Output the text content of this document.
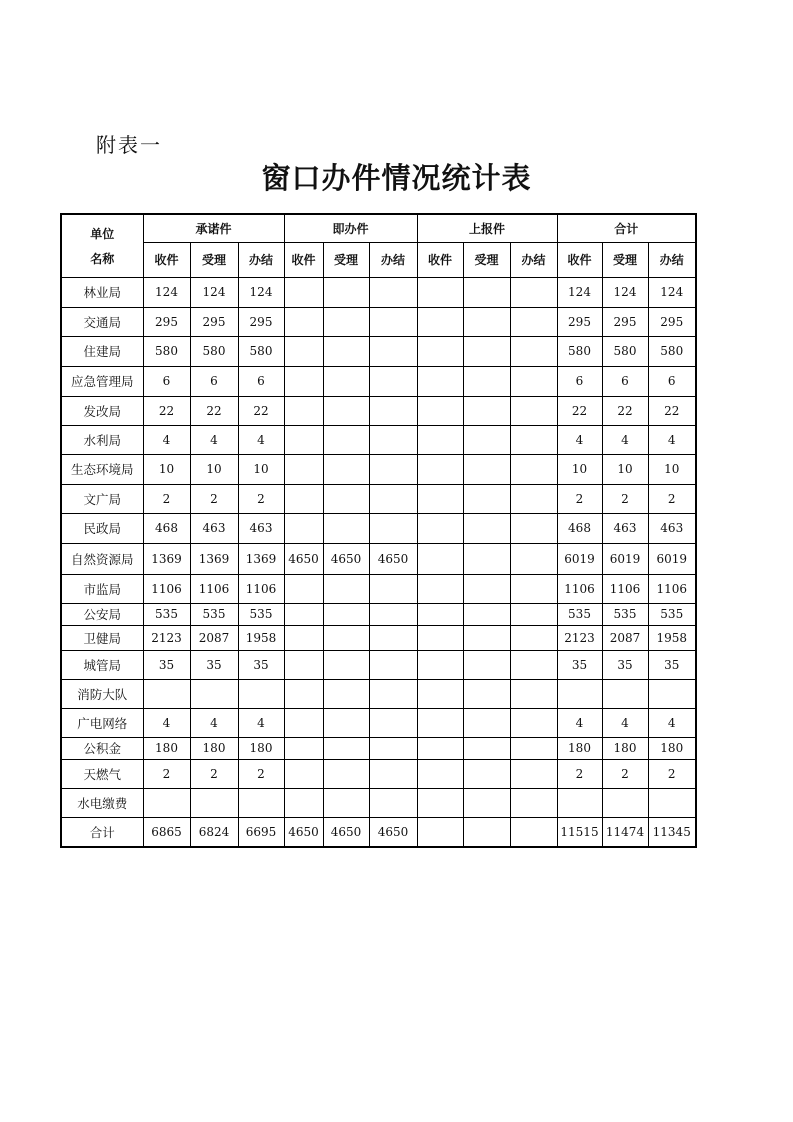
附表一
窗口办件情况统计表
单位
名称	承诺件			即办件			上报件			合计		
	收件	受理	办结	收件	受理	办结	收件	受理	办结	收件	受理	办结
林业局	124	124	124							124	124	124
交通局	295	295	295							295	295	295
住建局	580	580	580							580	580	580
应急管理局	6	6	6							6	6	6
发改局	22	22	22							22	22	22
水利局	4	4	4							4	4	4
生态环境局	10	10	10							10	10	10
文广局	2	2	2							2	2	2
民政局	468	463	463							468	463	463
自然资源局	1369	1369	1369	4650	4650	4650				6019	6019	6019
市监局	1106	1106	1106							1106	1106	1106
公安局	535	535	535							535	535	535
卫健局	2123	2087	1958							2123	2087	1958
城管局	35	35	35							35	35	35
消防大队												
广电网络	4	4	4							4	4	4
公积金	180	180	180							180	180	180
天燃气	2	2	2							2	2	2
水电缴费												
合计	6865	6824	6695	4650	4650	4650				11515	11474	11345
